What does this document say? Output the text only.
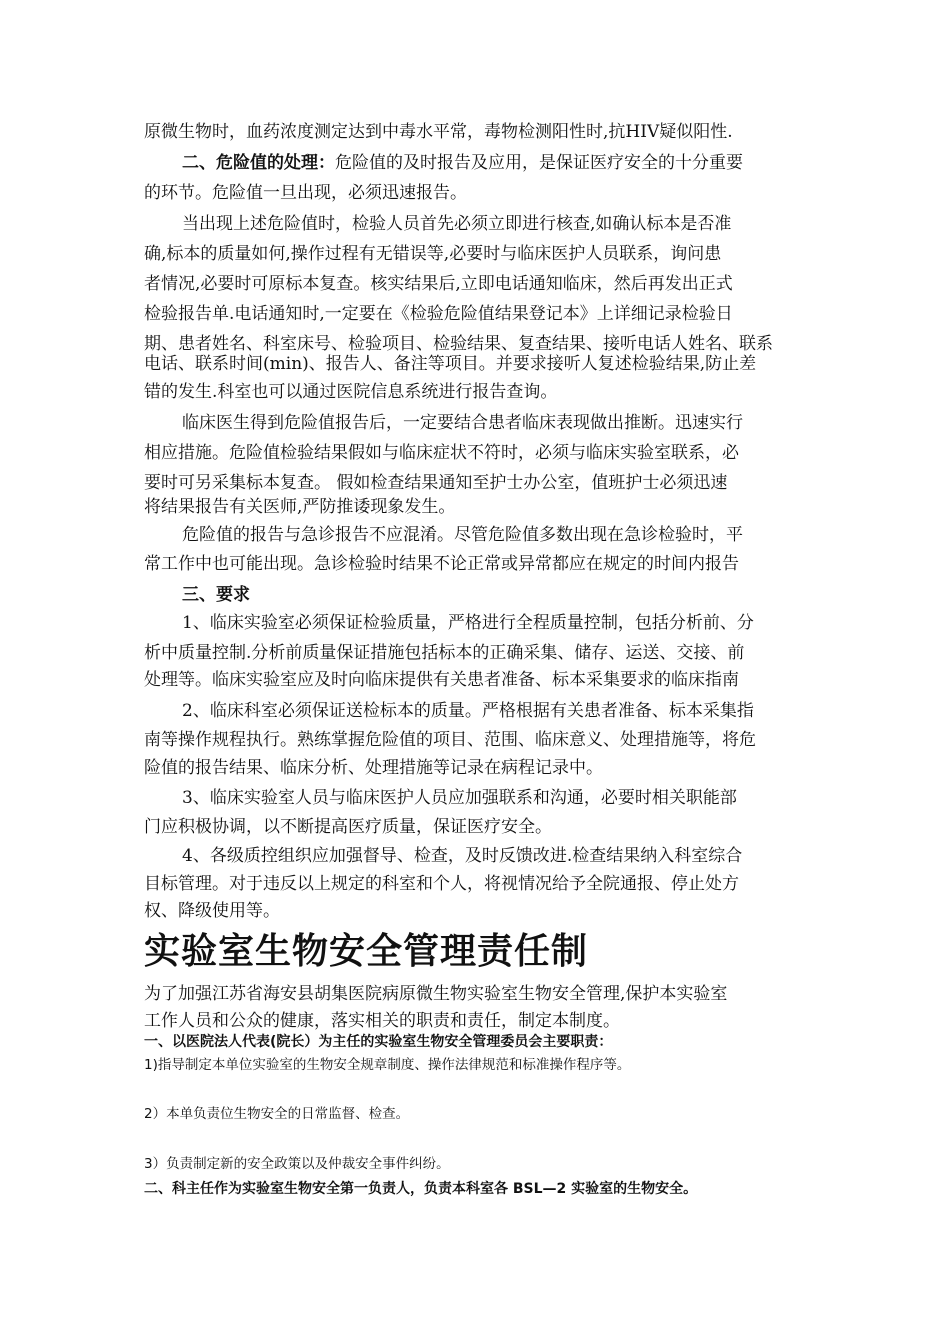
原微生物时，血药浓度测定达到中毒水平常，毒物检测阳性时,抗HIV疑似阳性.
二、危险值的处理：危险值的及时报告及应用，是保证医疗安全的十分重要
的环节。危险值一旦出现，必须迅速报告。
当出现上述危险值时，检验人员首先必须立即进行核查,如确认标本是否准
确,标本的质量如何,操作过程有无错误等,必要时与临床医护人员联系，询问患
者情况,必要时可原标本复查。核实结果后,立即电话通知临床，然后再发出正式
检验报告单.电话通知时,一定要在《检验危险值结果登记本》上详细记录检验日
期、患者姓名、科室床号、检验项目、检验结果、复查结果、接听电话人姓名、联系
电话、联系时间(min)、报告人、备注等项目。并要求接听人复述检验结果,防止差
错的发生.科室也可以通过医院信息系统进行报告查询。
临床医生得到危险值报告后，一定要结合患者临床表现做出推断。迅速实行
相应措施。危险值检验结果假如与临床症状不符时，必须与临床实验室联系，必
要时可另采集标本复查。 假如检查结果通知至护士办公室，值班护士必须迅速
将结果报告有关医师,严防推诿现象发生。
危险值的报告与急诊报告不应混淆。尽管危险值多数出现在急诊检验时，平
常工作中也可能出现。急诊检验时结果不论正常或异常都应在规定的时间内报告
三、要求
1、临床实验室必须保证检验质量，严格进行全程质量控制，包括分析前、分
析中质量控制.分析前质量保证措施包括标本的正确采集、储存、运送、交接、前
处理等。临床实验室应及时向临床提供有关患者准备、标本采集要求的临床指南
2、临床科室必须保证送检标本的质量。严格根据有关患者准备、标本采集指
南等操作规程执行。熟练掌握危险值的项目、范围、临床意义、处理措施等，将危
险值的报告结果、临床分析、处理措施等记录在病程记录中。
3、临床实验室人员与临床医护人员应加强联系和沟通，必要时相关职能部
门应积极协调，以不断提高医疗质量，保证医疗安全。
4、各级质控组织应加强督导、检查，及时反馈改进.检查结果纳入科室综合
目标管理。对于违反以上规定的科室和个人，将视情况给予全院通报、停止处方
权、降级使用等。
实验室生物安全管理责任制
为了加强江苏省海安县胡集医院病原微生物实验室生物安全管理,保护本实验室
工作人员和公众的健康，落实相关的职责和责任，制定本制度。
一、以医院法人代表(院长）为主任的实验室生物安全管理委员会主要职责：
1)指导制定本单位实验室的生物安全规章制度、操作法律规范和标准操作程序等。
2）本单负责位生物安全的日常监督、检查。
3）负责制定新的安全政策以及仲裁安全事件纠纷。
二、科主任作为实验室生物安全第一负责人，负责本科室各 BSL—2 实验室的生物安全。
